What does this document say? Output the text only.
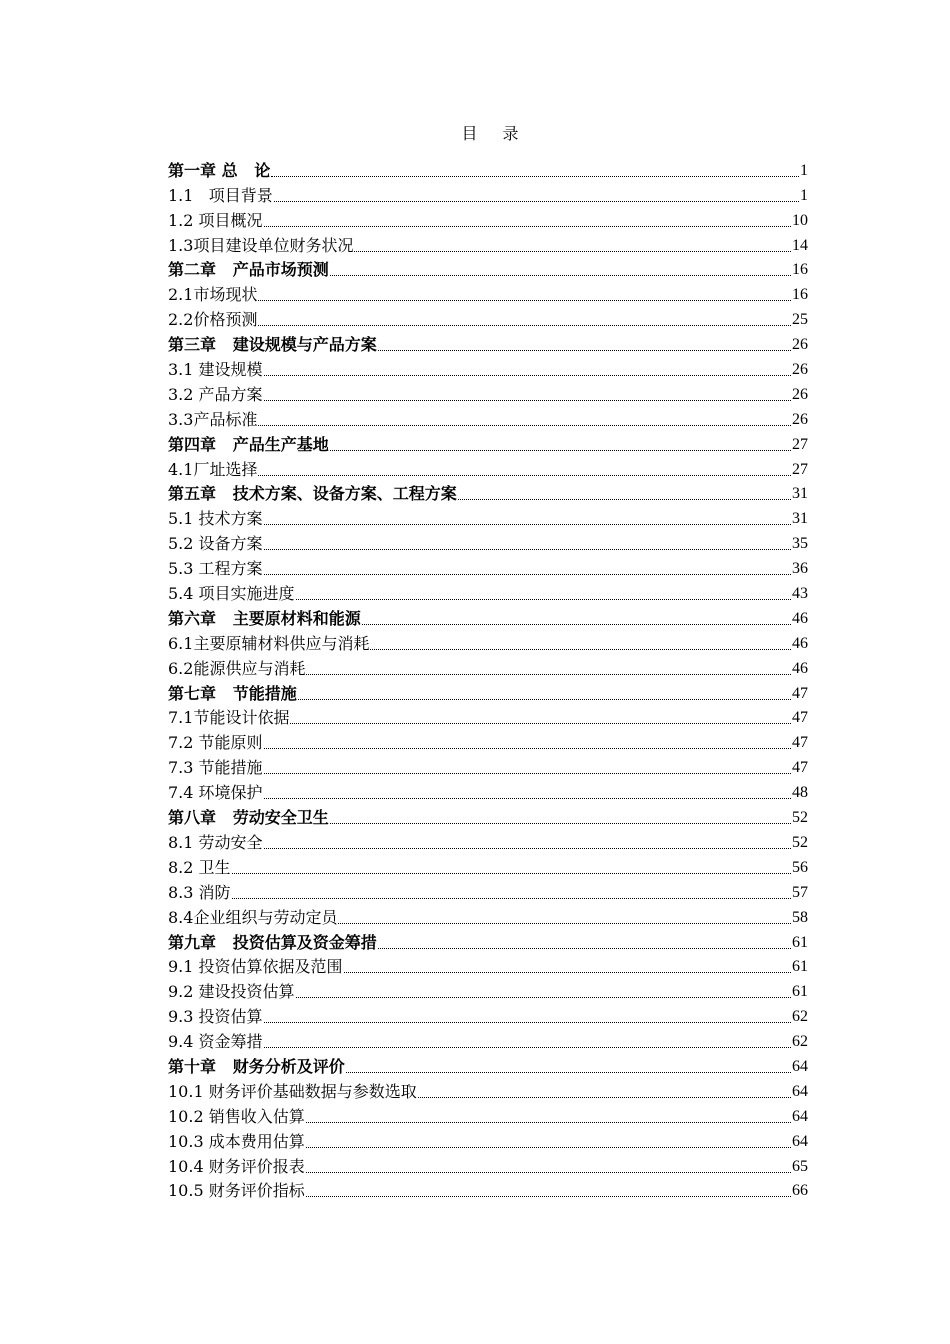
目 录
第一章 总   论	1
1.1   项目背景	1
1.2 项目概况	10
1.3项目建设单位财务状况	14
第二章   产品市场预测	16
2.1市场现状	16
2.2价格预测	25
第三章   建设规模与产品方案	26
3.1 建设规模	26
3.2 产品方案	26
3.3产品标准	26
第四章   产品生产基地	27
4.1厂址选择	27
第五章   技术方案、设备方案、工程方案	31
5.1 技术方案	31
5.2 设备方案	35
5.3 工程方案	36
5.4 项目实施进度	43
第六章   主要原材料和能源	46
6.1主要原辅材料供应与消耗	46
6.2能源供应与消耗	46
第七章   节能措施	47
7.1节能设计依据	47
7.2 节能原则	47
7.3 节能措施	47
7.4 环境保护	48
第八章   劳动安全卫生	52
8.1 劳动安全	52
8.2 卫生	56
8.3 消防	57
8.4企业组织与劳动定员	58
第九章   投资估算及资金筹措	61
9.1 投资估算依据及范围	61
9.2 建设投资估算	61
9.3 投资估算	62
9.4 资金筹措	62
第十章   财务分析及评价	64
10.1 财务评价基础数据与参数选取	64
10.2 销售收入估算	64
10.3 成本费用估算	64
10.4 财务评价报表	65
10.5 财务评价指标	66
